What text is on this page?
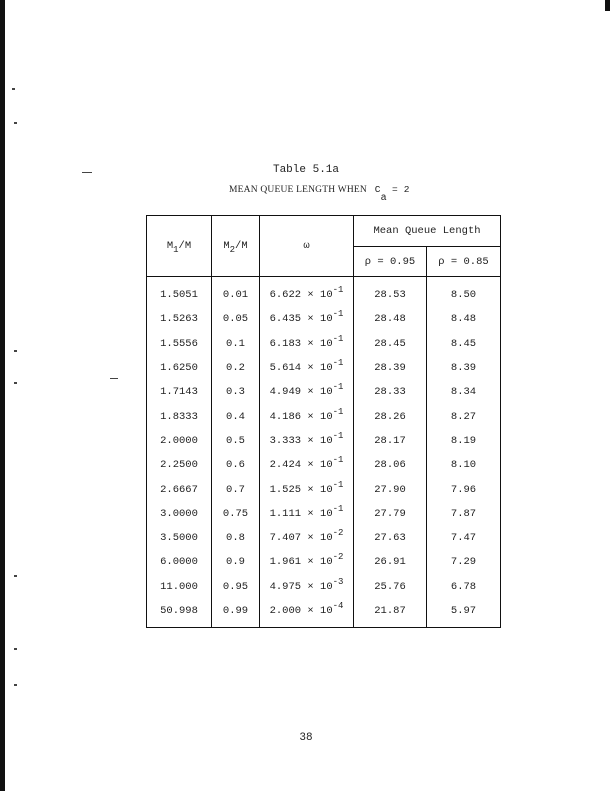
Table 5.1a
MEAN QUEUE LENGTH WHEN Ca  = 2
M1/M	M2/M	ω	Mean Queue Length	
			ρ = 0.95	ρ = 0.85
1.5051	0.01	6.622 × 10-1	28.53	8.50
1.5263	0.05	6.435 × 10-1	28.48	8.48
1.5556	0.1	6.183 × 10-1	28.45	8.45
1.6250	0.2	5.614 × 10-1	28.39	8.39
1.7143	0.3	4.949 × 10-1	28.33	8.34
1.8333	0.4	4.186 × 10-1	28.26	8.27
2.0000	0.5	3.333 × 10-1	28.17	8.19
2.2500	0.6	2.424 × 10-1	28.06	8.10
2.6667	0.7	1.525 × 10-1	27.90	7.96
3.0000	0.75	1.111 × 10-1	27.79	7.87
3.5000	0.8	7.407 × 10-2	27.63	7.47
6.0000	0.9	1.961 × 10-2	26.91	7.29
11.000	0.95	4.975 × 10-3	25.76	6.78
50.998	0.99	2.000 × 10-4	21.87	5.97
38
